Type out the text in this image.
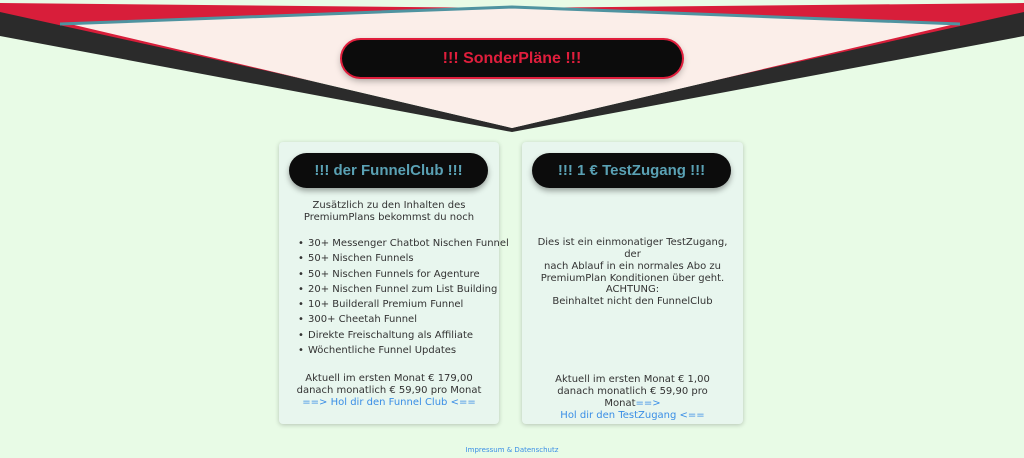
!!! SonderPläne !!!
!!! der FunnelClub !!!
Zusätzlich zu den Inhalten des
PremiumPlans bekommst du noch
• 30+ Messenger Chatbot Nischen Funnel
• 50+ Nischen Funnels
• 50+ Nischen Funnels for Agenture
• 20+ Nischen Funnel zum List Building
• 10+ Builderall Premium Funnel
• 300+ Cheetah Funnel
• Direkte Freischaltung als Affiliate
• Wöchentliche Funnel Updates
Aktuell im ersten Monat € 179,00
danach monatlich € 59,90 pro Monat
==> Hol dir den Funnel Club <==
!!! 1 € TestZugang !!!
Dies ist ein einmonatiger TestZugang, der
nach Ablauf in ein normales Abo zu
PremiumPlan Konditionen über geht.
ACHTUNG:
Beinhaltet nicht den FunnelClub
Aktuell im ersten Monat € 1,00
danach monatlich € 59,90 pro Monat==>
Hol dir den TestZugang <==
Impressum & Datenschutz
